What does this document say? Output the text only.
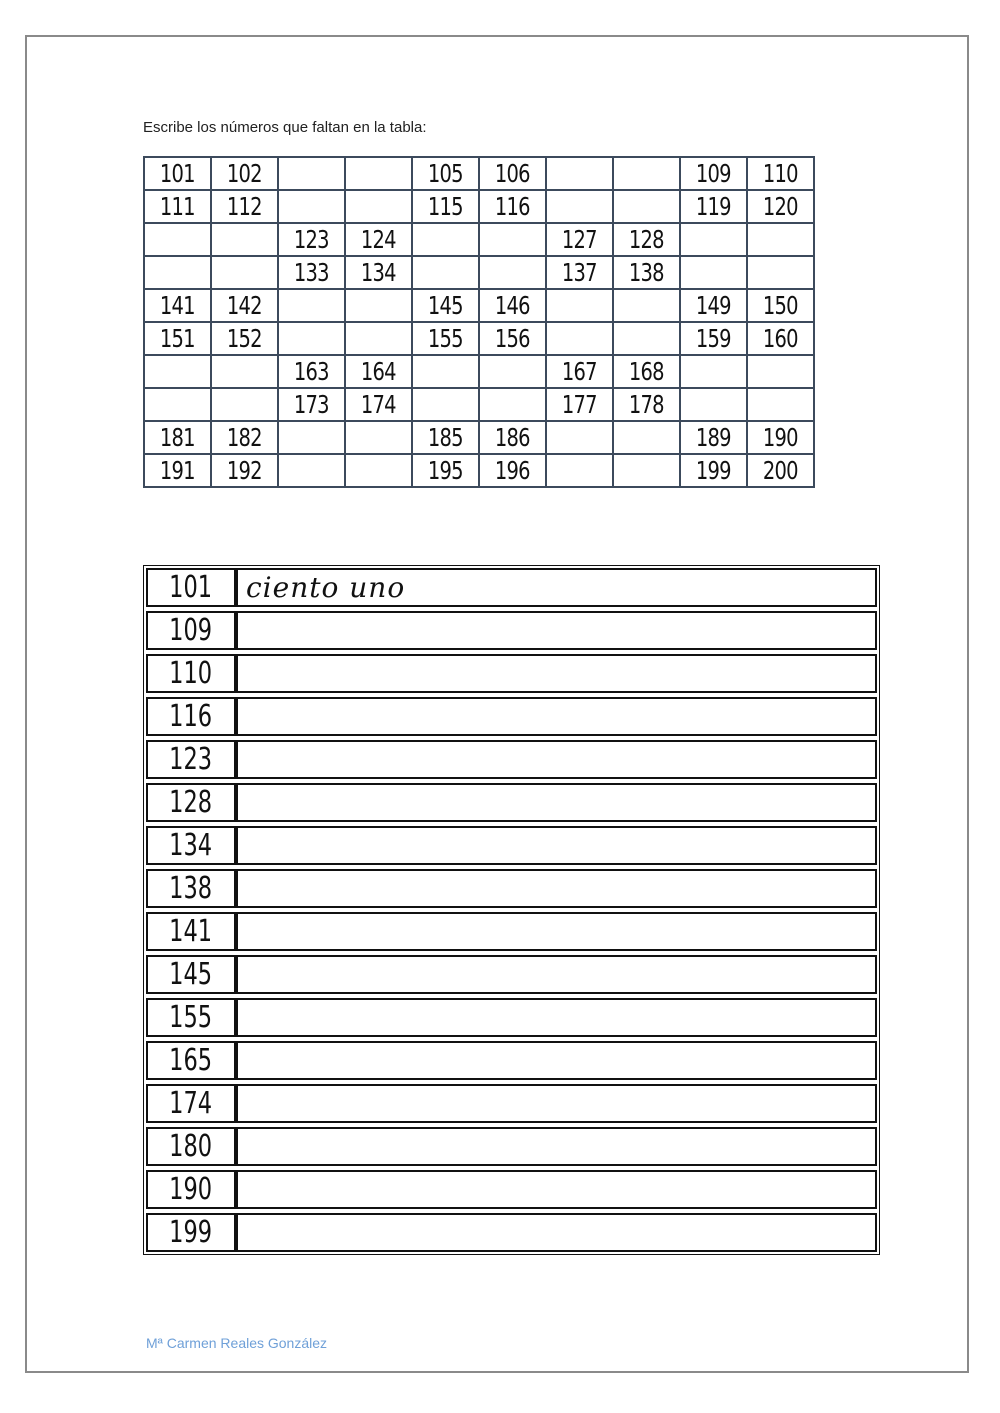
Escribe los números que faltan en la tabla:
101	102			105	106			109	110
111	112			115	116			119	120
		123	124			127	128		
		133	134			137	138		
141	142			145	146			149	150
151	152			155	156			159	160
		163	164			167	168		
		173	174			177	178		
181	182			185	186			189	190
191	192			195	196			199	200
101	ciento uno

109	

110	

116	

123	

128	

134	

138	

141	

145	

155	

165	

174	

180	

190	

199	
Mª Carmen Reales González
